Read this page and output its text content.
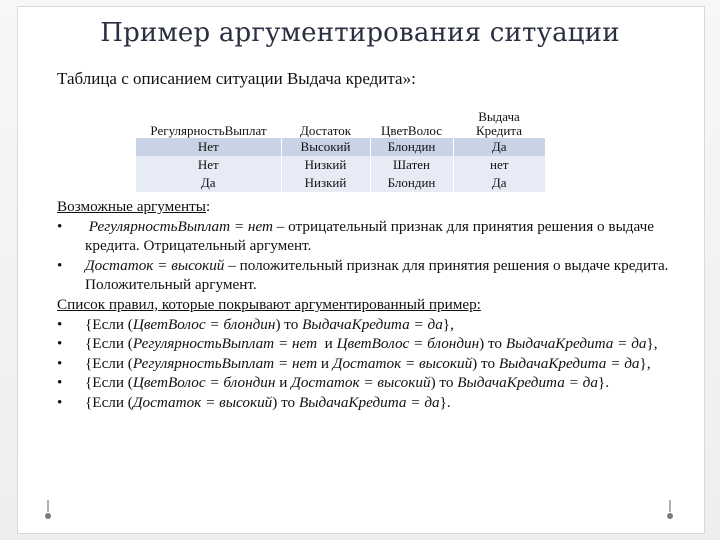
Пример аргументирования ситуации
Таблица с описанием ситуации Выдача кредита»:
РегулярностьВыплат	Достаток	ЦветВолос	Выдача Кредита
Нет	Высокий	Блондин	Да
Нет	Низкий	Шатен	нет
Да	Низкий	Блондин	Да
Возможные аргументы:
• РегулярностьВыплат = нет – отрицательный признак для принятия решения о выдаче кредита. Отрицательный аргумент.
• Достаток = высокий – положительный признак для принятия решения о выдаче кредита. Положительный аргумент.
Список правил, которые покрывают аргументированный пример:
• {Если (ЦветВолос = блондин) то ВыдачаКредита = да},
• {Если (РегулярностьВыплат = нет  и ЦветВолос = блондин) то ВыдачаКредита = да},
• {Если (РегулярностьВыплат = нет и Достаток = высокий) то ВыдачаКредита = да},
• {Если (ЦветВолос = блондин и Достаток = высокий) то ВыдачаКредита = да}.
• {Если (Достаток = высокий) то ВыдачаКредита = да}.
